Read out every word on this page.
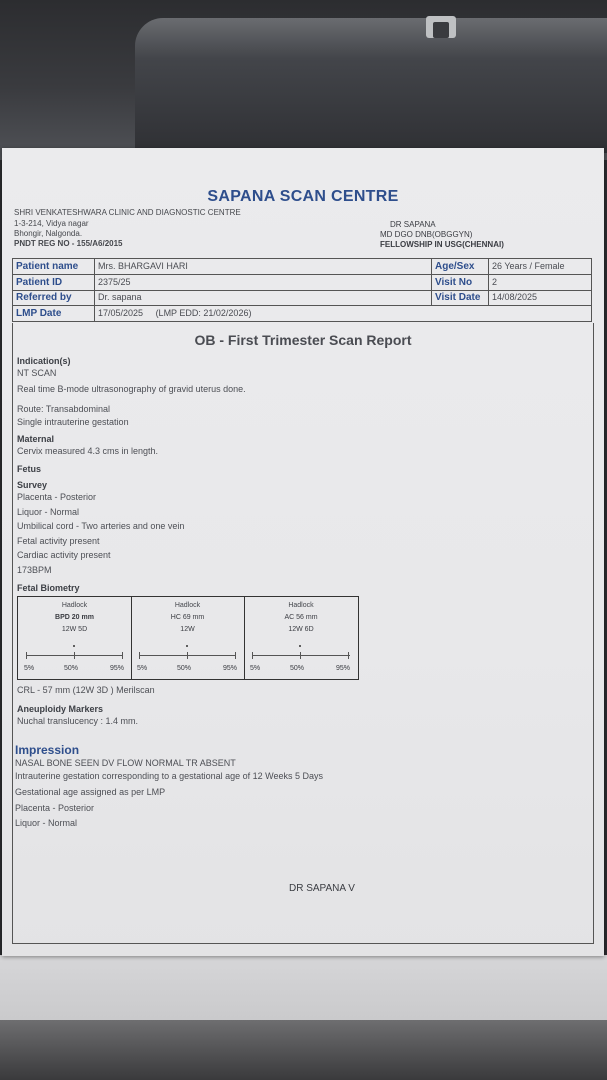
SAPANA SCAN CENTRE
SHRI VENKATESHWARA CLINIC AND DIAGNOSTIC CENTRE
1-3-214, Vidya nagar
Bhongir, Nalgonda.
PNDT REG NO - 155/A6/2015
DR SAPANA
MD DGO DNB(OBGGYN)
FELLOWSHIP IN USG(CHENNAI)
Patient name	Mrs. BHARGAVI HARI	Age/Sex	26 Years / Female
Patient ID	2375/25	Visit No	2
Referred by	Dr. sapana	Visit Date	14/08/2025
LMP Date	17/05/2025 (LMP EDD: 21/02/2026)		
OB - First Trimester Scan Report
Indication(s)
NT SCAN
Real time B-mode ultrasonography of gravid uterus done.
Route: Transabdominal
Single intrauterine gestation
Maternal
Cervix measured 4.3 cms in length.
Fetus
Survey
Placenta - Posterior
Liquor - Normal
Umbilical cord - Two arteries and one vein
Fetal activity present
Cardiac activity present
173BPM
Fetal Biometry
Hadlock
BPD 20 mm
12W 5D
5%	50%	95%
Hadlock
HC 69 mm
12W
5%	50%	95%
Hadlock
AC 56 mm
12W 6D
5%	50%	95%
CRL - 57 mm (12W 3D ) Merilscan
Aneuploidy Markers
Nuchal translucency : 1.4 mm.
Impression
NASAL BONE SEEN DV FLOW NORMAL TR ABSENT
Intrauterine gestation corresponding to a gestational age of 12 Weeks 5 Days
Gestational age assigned as per LMP
Placenta - Posterior
Liquor - Normal
DR SAPANA V
